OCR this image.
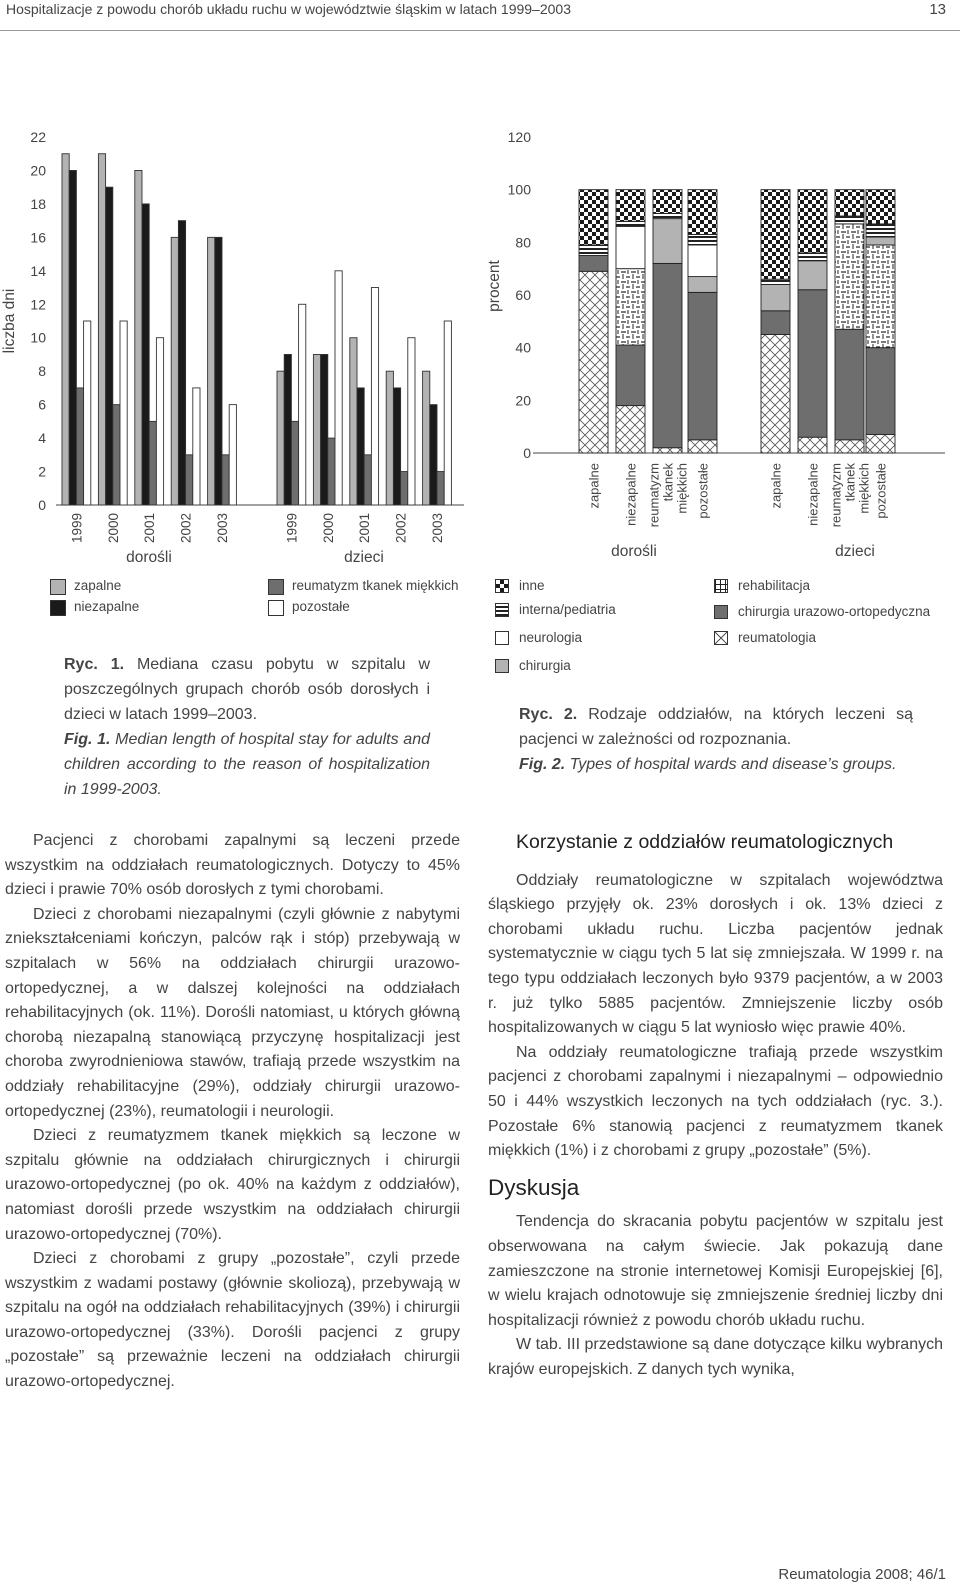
Hospitalizacje z powodu chorób układu ruchu w województwie śląskim w latach 1999–2003	13
0
2
4
6
8
10
12
14
16
18
20
22
liczba dni
1999 2000 2001 2002 2003
dorośli
1999 2000 2001 2002 2003
dzieci
0
20
40
60
80
100
120
procent
zapalne niezapalne reumatyzm tkanek miękkich pozostałe	zapalne niezapalne reumatyzm tkanek miękkich pozostałe
dorośli	dzieci
zapalne
niezapalne
reumatyzm tkanek miękkich
pozostałe
inne
interna/pediatria
neurologia
chirurgia
rehabilitacja
chirurgia urazowo-ortopedyczna
reumatologia
Ryc. 1. Mediana czasu pobytu w szpitalu w poszczególnych grupach chorób osób dorosłych i dzieci w latach 1999–2003.
Fig. 1. Median length of hospital stay for adults and children according to the reason of hospitalization in 1999-2003.
Ryc. 2. Rodzaje oddziałów, na których leczeni są pacjenci w zależności od rozpoznania.
Fig. 2. Types of hospital wards and disease’s groups.

Pacjenci z chorobami zapalnymi są leczeni przede wszystkim na oddziałach reumatologicznych. Dotyczy to 45% dzieci i prawie 70% osób dorosłych z tymi chorobami.

Dzieci z chorobami niezapalnymi (czyli głównie z nabytymi zniekształceniami kończyn, palców rąk i stóp) przebywają w szpitalach w 56% na oddziałach chirurgii urazowo-ortopedycznej, a w dalszej kolejności na oddziałach rehabilitacyjnych (ok. 11%). Dorośli natomiast, u których główną chorobą niezapalną stanowiącą przyczynę hospitalizacji jest choroba zwyrodnieniowa stawów, trafiają przede wszystkim na oddziały rehabilitacyjne (29%), oddziały chirurgii urazowo-ortopedycznej (23%), reumatologii i neurologii.

Dzieci z reumatyzmem tkanek miękkich są leczone w szpitalu głównie na oddziałach chirurgicznych i chirurgii urazowo-ortopedycznej (po ok. 40% na każdym z oddziałów), natomiast dorośli przede wszystkim na oddziałach chirurgii urazowo-ortopedycznej (70%).

Dzieci z chorobami z grupy „pozostałe”, czyli przede wszystkim z wadami postawy (głównie skoliozą), przebywają w szpitalu na ogół na oddziałach rehabilitacyjnych (39%) i chirurgii urazowo-ortopedycznej (33%). Dorośli pacjenci z grupy „pozostałe” są przeważnie leczeni na oddziałach chirurgii urazowo-ortopedycznej.

Korzystanie z oddziałów reumatologicznych

Oddziały reumatologiczne w szpitalach województwa śląskiego przyjęły ok. 23% dorosłych i ok. 13% dzieci z chorobami układu ruchu. Liczba pacjentów jednak systematycznie w ciągu tych 5 lat się zmniejszała. W 1999 r. na tego typu oddziałach leczonych było 9379 pacjentów, a w 2003 r. już tylko 5885 pacjentów. Zmniejszenie liczby osób hospitalizowanych w ciągu 5 lat wyniosło więc prawie 40%.

Na oddziały reumatologiczne trafiają przede wszystkim pacjenci z chorobami zapalnymi i niezapalnymi – odpowiednio 50 i 44% wszystkich leczonych na tych oddziałach (ryc. 3.). Pozostałe 6% stanowią pacjenci z reumatyzmem tkanek miękkich (1%) i z chorobami z grupy „pozostałe” (5%).

Dyskusja

Tendencja do skracania pobytu pacjentów w szpitalu jest obserwowana na całym świecie. Jak pokazują dane zamieszczone na stronie internetowej Komisji Europejskiej [6], w wielu krajach odnotowuje się zmniejszenie średniej liczby dni hospitalizacji również z powodu chorób układu ruchu.

W tab. III przedstawione są dane dotyczące kilku wybranych krajów europejskich. Z danych tych wynika,

Reumatologia 2008; 46/1
